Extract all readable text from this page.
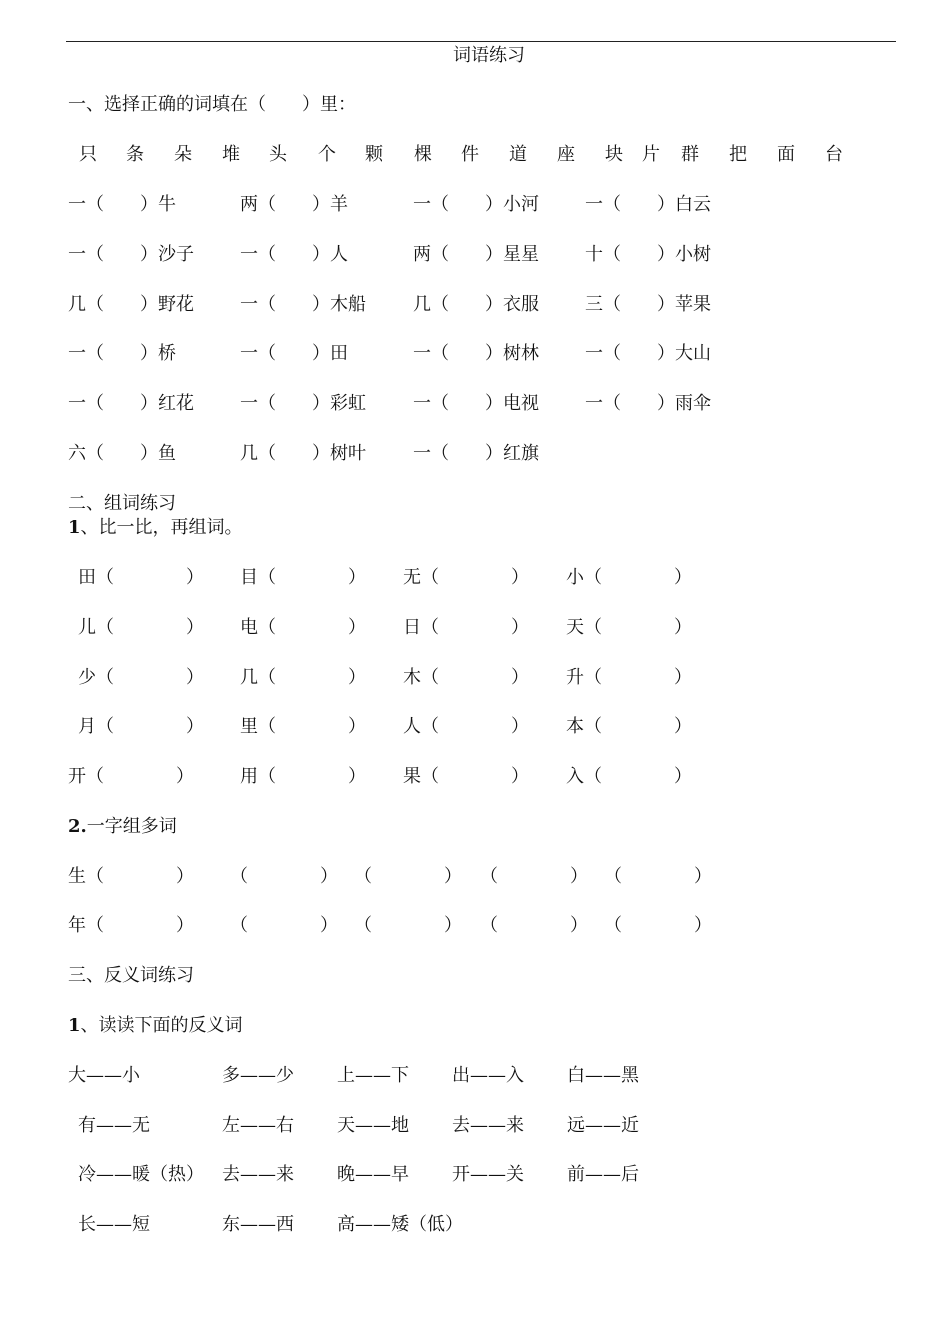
词语练习
一、选择正确的词填在（　　）里：
只	条	朵	堆	头	个	颗	棵	件	道	座	块	片	群	把	面	台
一（　　）牛	两（　　）羊	一（　　）小河	一（　　）白云
一（　　）沙子	一（　　）人	两（　　）星星	十（　　）小树
几（　　）野花	一（　　）木船	几（　　）衣服	三（　　）苹果
一（　　）桥	一（　　）田	一（　　）树林	一（　　）大山
一（　　）红花	一（　　）彩虹	一（　　）电视	一（　　）雨伞
六（　　）鱼	几（　　）树叶	一（　　）红旗
二、组词练习
1、比一比，再组词。
田（　　　　） 目（　　　　） 无（　　　　） 小（　　　　）
儿（　　　　） 电（　　　　） 日（　　　　） 天（　　　　）
少（　　　　） 几（　　　　） 木（　　　　） 升（　　　　）
月（　　　　） 里（　　　　） 人（　　　　） 本（　　　　）
开（　　　　）	用（　　　　） 果（　　　　） 入（　　　　）
2.一字组多词
生（　　　　） （　　　　） （　　　　） （　　　　） （　　　　）
年（　　　　） （　　　　） （　　　　） （　　　　） （　　　　）
三、反义词练习
1、读读下面的反义词
大——小	多——少 上——下 出——入 白——黑
有——无	左——右 天——地 去——来 远——近
冷——暖（热） 去——来 晚——早 开——关 前——后
长——短	东——西 高——矮（低）
